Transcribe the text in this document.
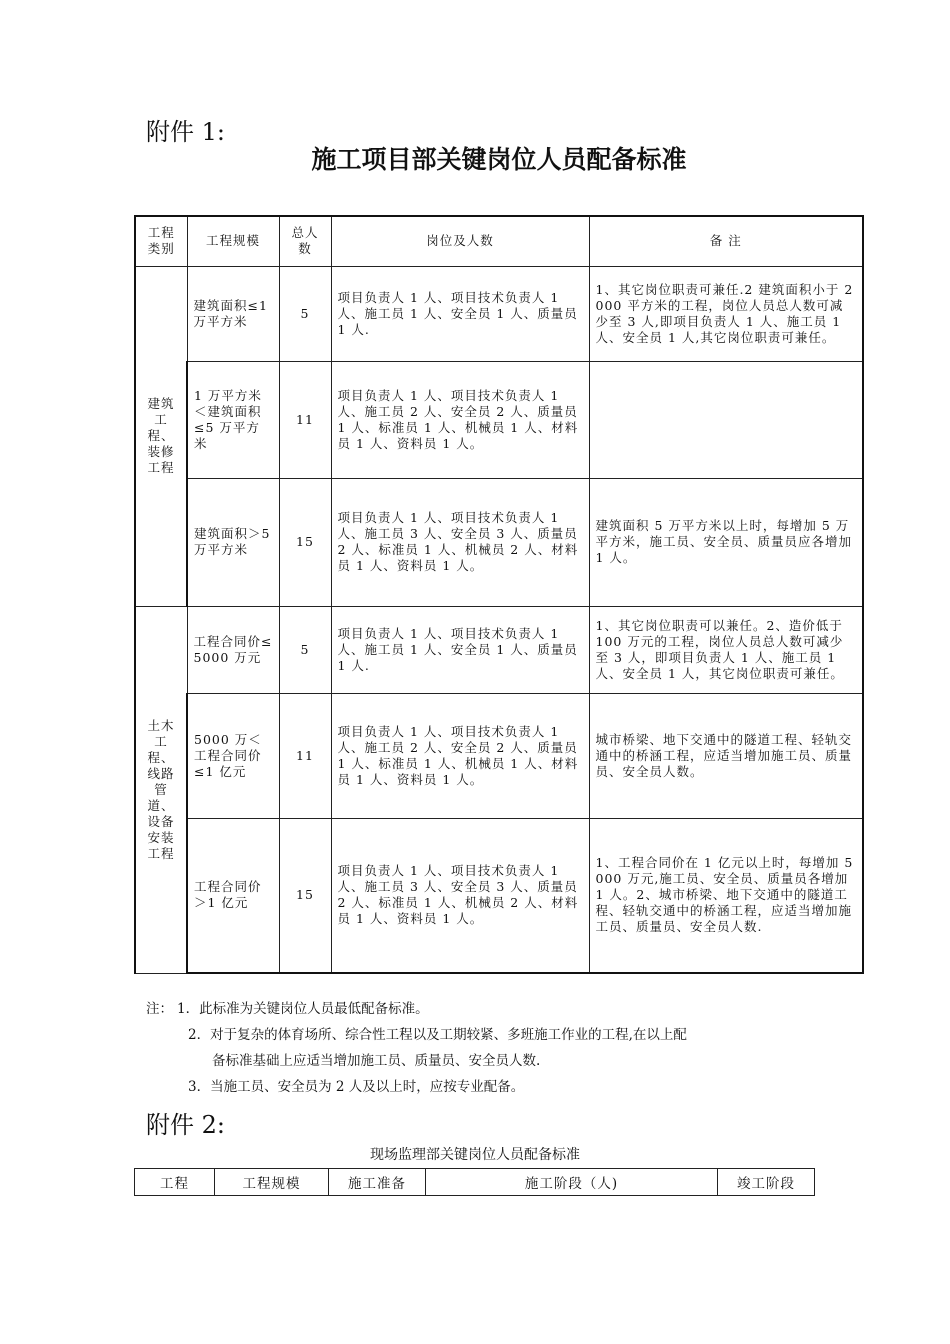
附件 1:
施工项目部关键岗位人员配备标准
工程类别	工程规模	总人数	岗位及人数	备 注
建筑工程、装修工程	建筑面积≤1 万平方米	5	项目负责人 1 人、项目技术负责人 1 人、施工员 1 人、安全员 1 人、质量员 1 人.	1、其它岗位职责可兼任.2 建筑面积小于 2000 平方米的工程，岗位人员总人数可减少至 3 人,即项目负责人 1 人、施工员 1 人、安全员 1 人,其它岗位职责可兼任。
	1 万平方米＜建筑面积≤5 万平方米	11	项目负责人 1 人、项目技术负责人 1 人、施工员 2 人、安全员 2 人、质量员 1 人、标准员 1 人、机械员 1 人、材料员 1 人、资料员 1 人。	
	建筑面积＞5 万平方米	15	项目负责人 1 人、项目技术负责人 1 人、施工员 3 人、安全员 3 人、质量员 2 人、标准员 1 人、机械员 2 人、材料员 1 人、资料员 1 人。	建筑面积 5 万平方米以上时，每增加 5 万平方米，施工员、安全员、质量员应各增加 1 人。
土木工程、线路管道、设备安装工程	工程合同价≤5000 万元	5	项目负责人 1 人、项目技术负责人 1 人、施工员 1 人、安全员 1 人、质量员 1 人.	1、其它岗位职责可以兼任。2、造价低于 100 万元的工程，岗位人员总人数可减少至 3 人，即项目负责人 1 人、施工员 1 人、安全员 1 人，其它岗位职责可兼任。
	5000 万＜工程合同价≤1 亿元	11	项目负责人 1 人、项目技术负责人 1 人、施工员 2 人、安全员 2 人、质量员 1 人、标准员 1 人、机械员 1 人、材料员 1 人、资料员 1 人。	城市桥梁、地下交通中的隧道工程、轻轨交通中的桥涵工程，应适当增加施工员、质量员、安全员人数。
	工程合同价＞1 亿元	15	项目负责人 1 人、项目技术负责人 1 人、施工员 3 人、安全员 3 人、质量员 2 人、标准员 1 人、机械员 2 人、材料员 1 人、资料员 1 人。	1、工程合同价在 1 亿元以上时，每增加 5000 万元,施工员、安全员、质量员各增加 1 人。2、城市桥梁、地下交通中的隧道工程、轻轨交通中的桥涵工程，应适当增加施工员、质量员、安全员人数.
注： 1．此标准为关键岗位人员最低配备标准。
2．对于复杂的体育场所、综合性工程以及工期较紧、多班施工作业的工程,在以上配
备标准基础上应适当增加施工员、质量员、安全员人数.
3．当施工员、安全员为 2 人及以上时，应按专业配备。
附件 2:
现场监理部关键岗位人员配备标准
工程	工程规模	施工准备	施工阶段（人)	竣工阶段
